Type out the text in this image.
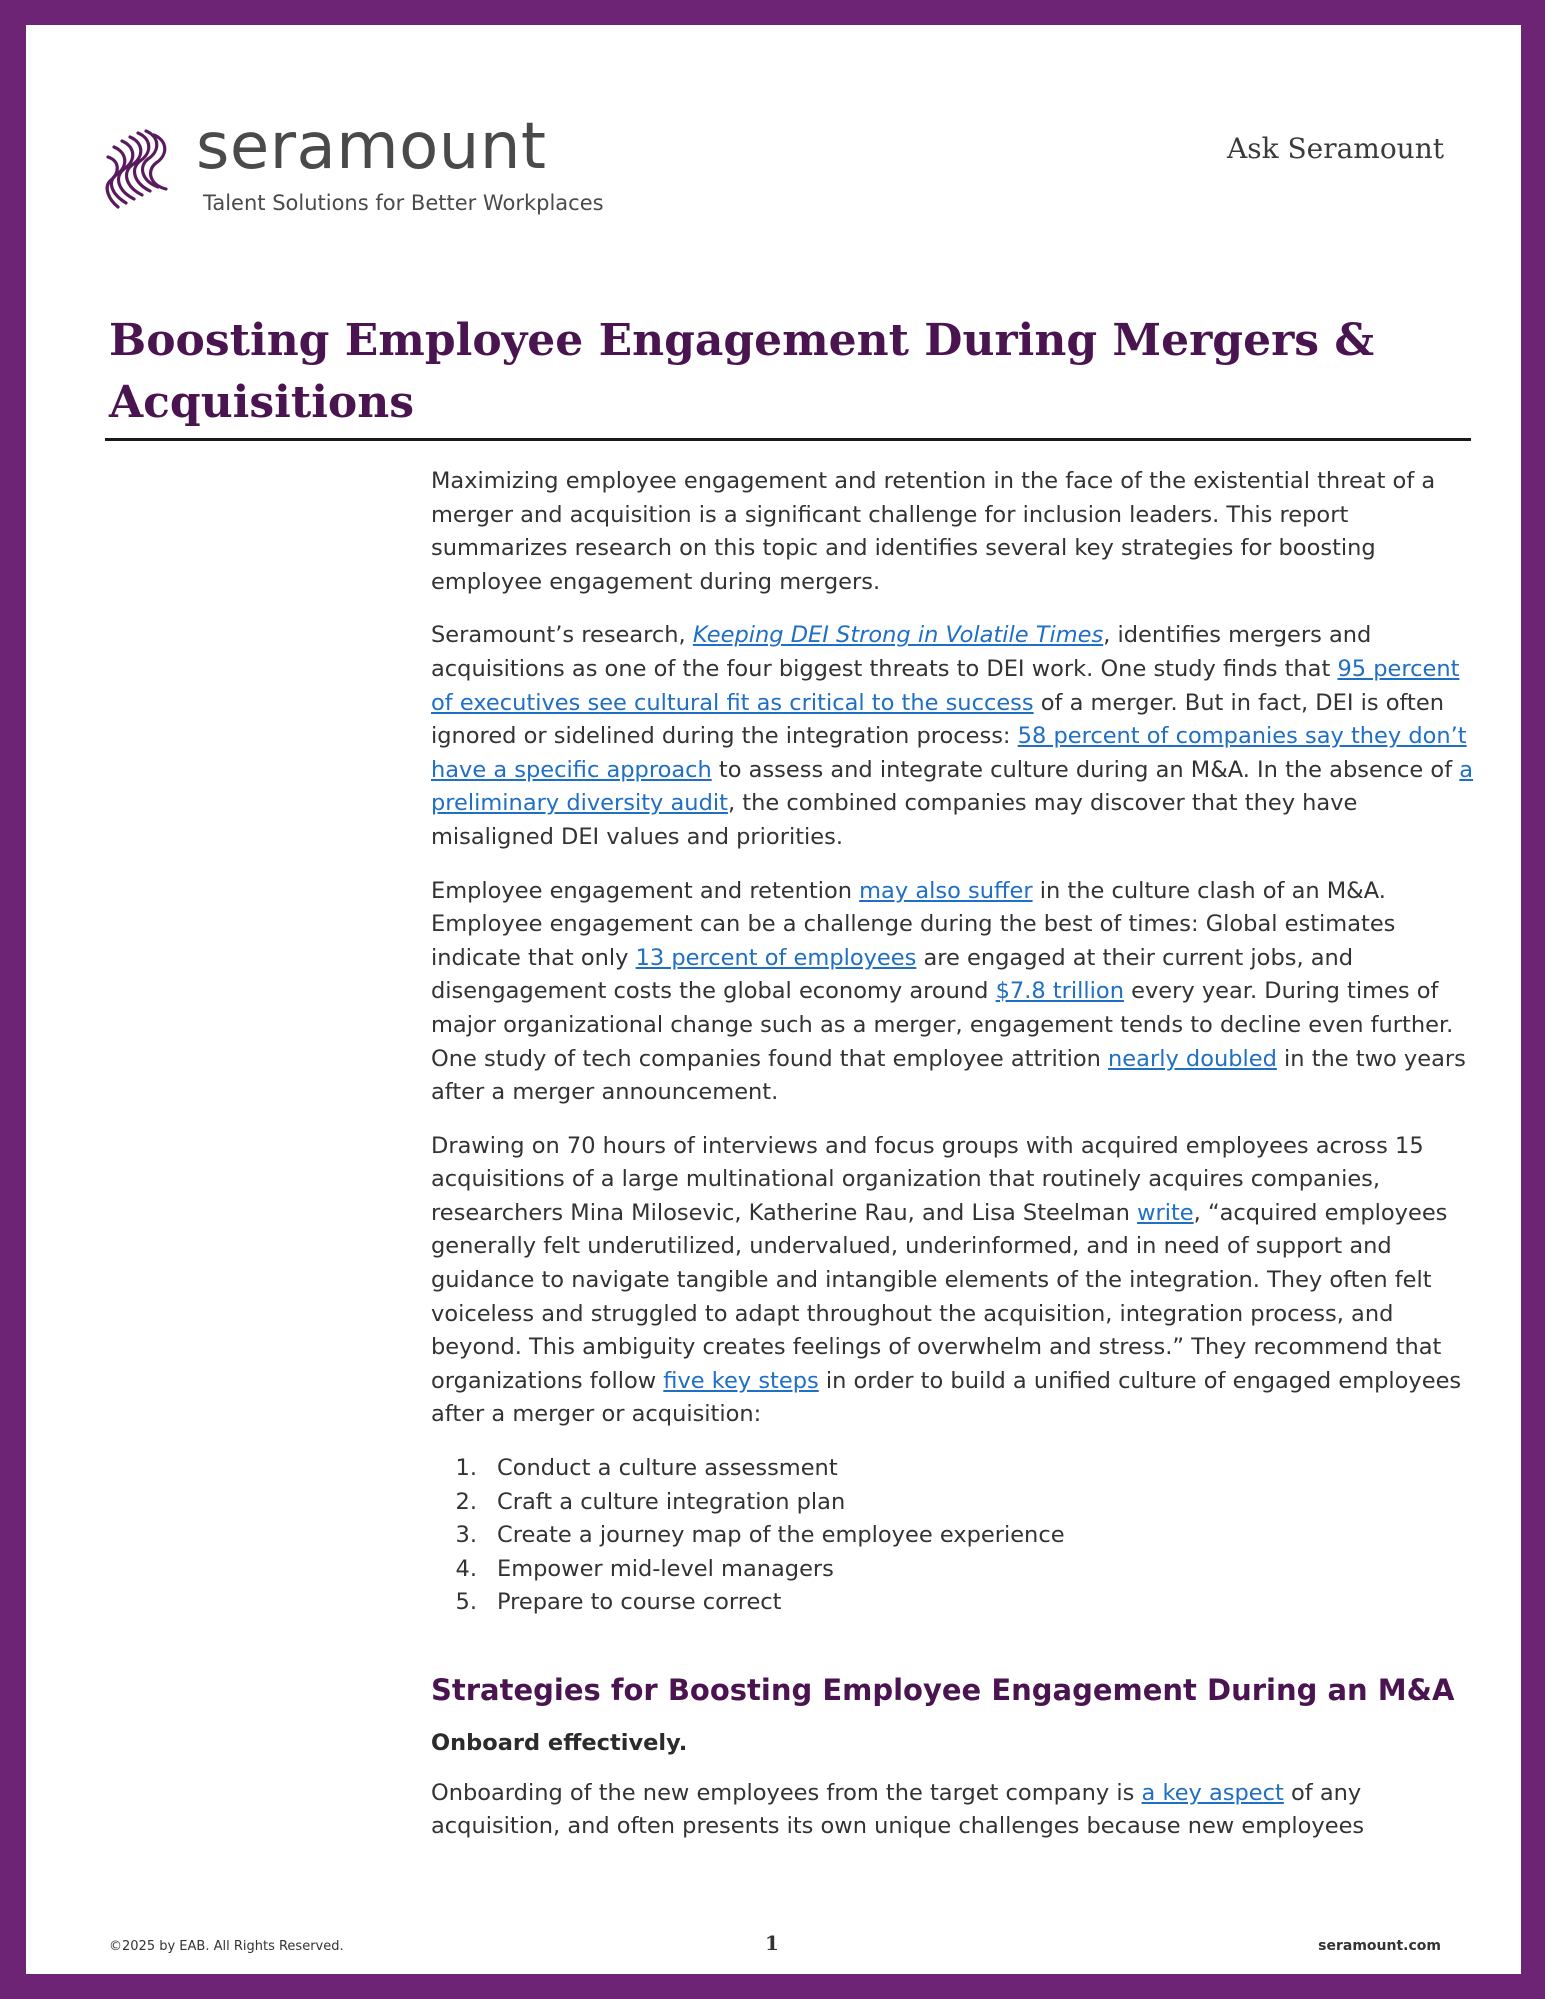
seramount
Talent Solutions for Better Workplaces
Ask Seramount
Boosting Employee Engagement During Mergers & Acquisitions

Maximizing employee engagement and retention in the face of the existential threat of a merger and acquisition is a significant challenge for inclusion leaders. This report summarizes research on this topic and identifies several key strategies for boosting employee engagement during mergers.

Seramount’s research, Keeping DEI Strong in Volatile Times, identifies mergers and acquisitions as one of the four biggest threats to DEI work. One study finds that 95 percent of executives see cultural fit as critical to the success of a merger. But in fact, DEI is often ignored or sidelined during the integration process: 58 percent of companies say they don’t have a specific approach to assess and integrate culture during an M&A. In the absence of a preliminary diversity audit, the combined companies may discover that they have misaligned DEI values and priorities.

Employee engagement and retention may also suffer in the culture clash of an M&A. Employee engagement can be a challenge during the best of times: Global estimates indicate that only 13 percent of employees are engaged at their current jobs, and disengagement costs the global economy around $7.8 trillion every year. During times of major organizational change such as a merger, engagement tends to decline even further. One study of tech companies found that employee attrition nearly doubled in the two years after a merger announcement.

Drawing on 70 hours of interviews and focus groups with acquired employees across 15 acquisitions of a large multinational organization that routinely acquires companies, researchers Mina Milosevic, Katherine Rau, and Lisa Steelman write, “acquired employees generally felt underutilized, undervalued, underinformed, and in need of support and guidance to navigate tangible and intangible elements of the integration. They often felt voiceless and struggled to adapt throughout the acquisition, integration process, and beyond. This ambiguity creates feelings of overwhelm and stress.” They recommend that organizations follow five key steps in order to build a unified culture of engaged employees after a merger or acquisition:

1. Conduct a culture assessment
2. Craft a culture integration plan
3. Create a journey map of the employee experience
4. Empower mid-level managers
5. Prepare to course correct
Strategies for Boosting Employee Engagement During an M&A
Onboard effectively.

Onboarding of the new employees from the target company is a key aspect of any acquisition, and often presents its own unique challenges because new employees

©2025 by EAB. All Rights Reserved.	1	seramount.com
